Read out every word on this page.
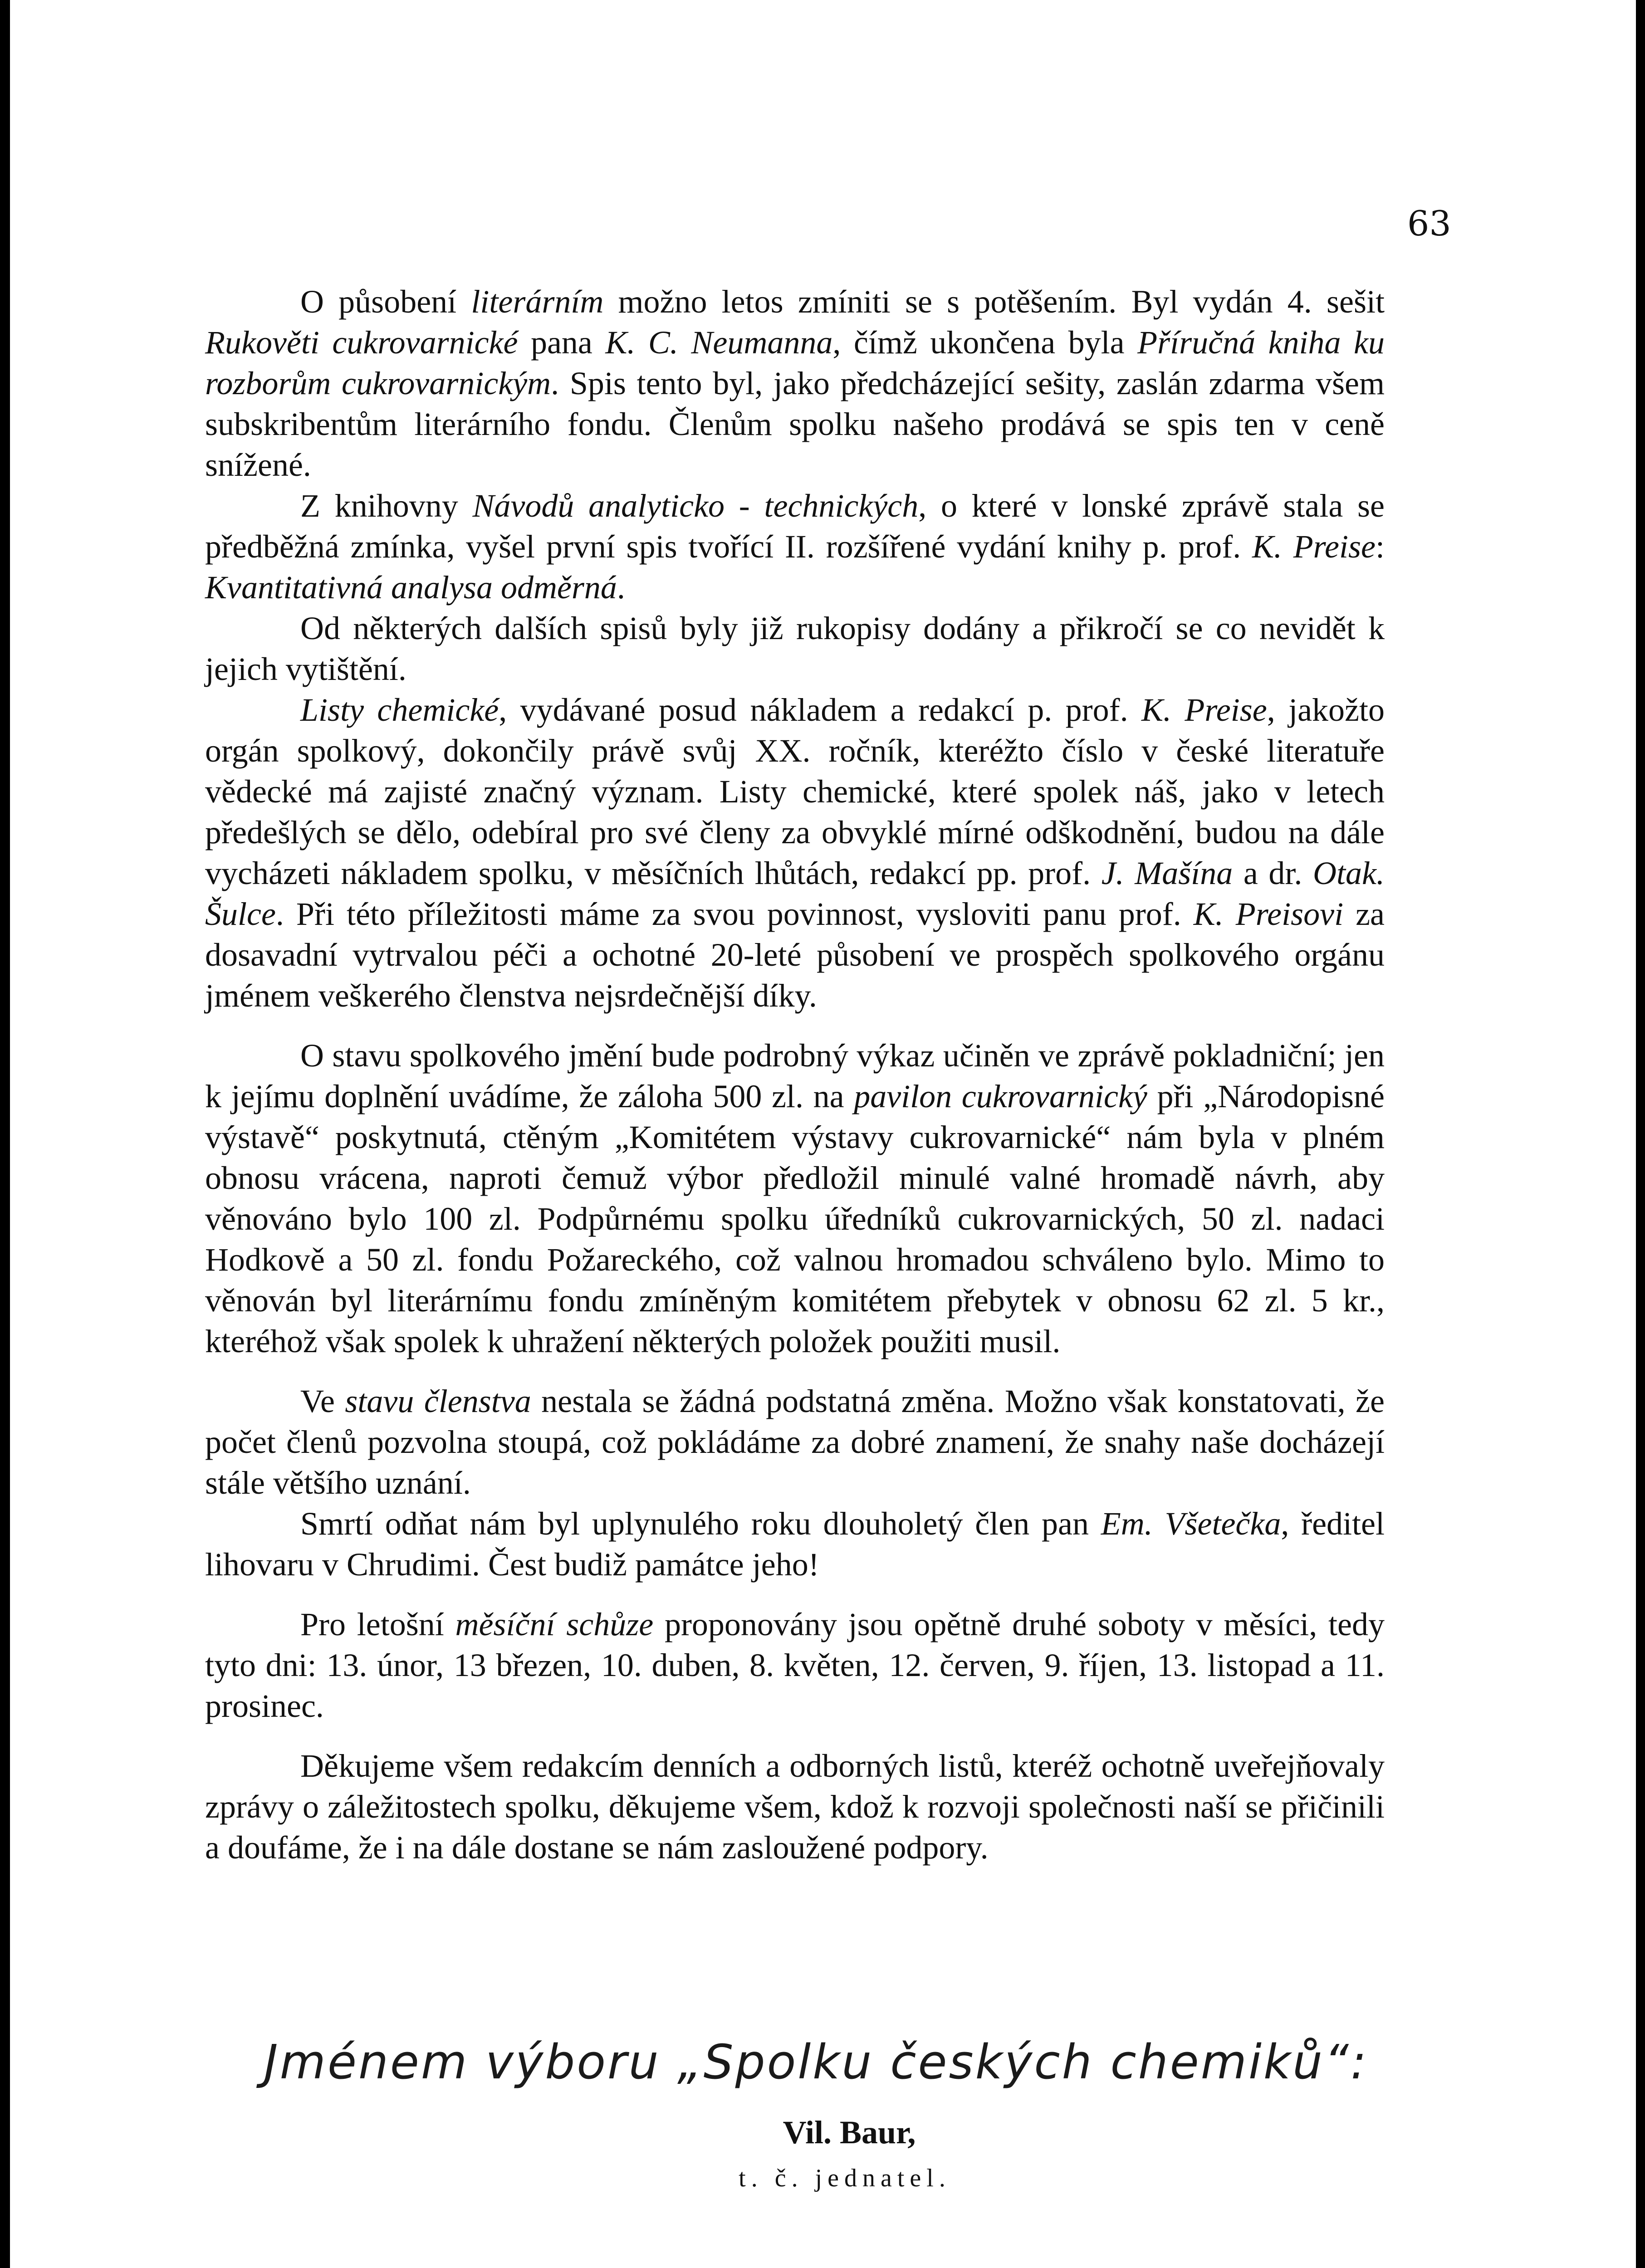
63

O působení literárním možno letos zmíniti se s potěšením. Byl vydán 4. sešit Rukověti cukrovarnické pana K. C. Neumanna, čímž ukončena byla Příručná kniha ku rozborům cukrovarnickým. Spis tento byl, jako předcházející sešity, zaslán zdarma všem subskribentům literárního fondu. Členům spolku našeho prodává se spis ten v ceně snížené.

Z knihovny Návodů analyticko - technických, o které v lonské zprávě stala se předběžná zmínka, vyšel první spis tvořící II. rozšířené vydání knihy p. prof. K. Preise: Kvantitativná analysa odměrná.

Od některých dalších spisů byly již rukopisy dodány a přikročí se co nevidět k jejich vytištění.

Listy chemické, vydávané posud nákladem a redakcí p. prof. K. Preise, jakožto orgán spolkový, dokončily právě svůj XX. ročník, kteréžto číslo v české literatuře vědecké má zajisté značný význam. Listy chemické, které spolek náš, jako v letech předešlých se dělo, odebíral pro své členy za obvyklé mírné odškodnění, budou na dále vycházeti nákladem spolku, v měsíčních lhůtách, redakcí pp. prof. J. Mašína a dr. Otak. Šulce. Při této příležitosti máme za svou povinnost, vysloviti panu prof. K. Preisovi za dosavadní vytrvalou péči a ochotné 20-leté působení ve prospěch spolkového orgánu jménem veškerého členstva nejsrdečnější díky.

O stavu spolkového jmění bude podrobný výkaz učiněn ve zprávě pokladniční; jen k jejímu doplnění uvádíme, že záloha 500 zl. na pavilon cukrovarnický při „Národopisné výstavě“ poskytnutá, ctěným „Komitétem výstavy cukrovarnické“ nám byla v plném obnosu vrácena, naproti čemuž výbor předložil minulé valné hromadě návrh, aby věnováno bylo 100 zl. Podpůrnému spolku úředníků cukrovarnických, 50 zl. nadaci Hodkově a 50 zl. fondu Požareckého, což valnou hromadou schváleno bylo. Mimo to věnován byl literárnímu fondu zmíněným komitétem přebytek v obnosu 62 zl. 5 kr., kteréhož však spolek k uhražení některých položek použiti musil.

Ve stavu členstva nestala se žádná podstatná změna. Možno však konstatovati, že počet členů pozvolna stoupá, což pokládáme za dobré znamení, že snahy naše docházejí stále většího uznání.

Smrtí odňat nám byl uplynulého roku dlouholetý člen pan Em. Všetečka, ředitel lihovaru v Chrudimi. Čest budiž památce jeho!

Pro letošní měsíční schůze proponovány jsou opětně druhé soboty v měsíci, tedy tyto dni: 13. únor, 13 březen, 10. duben, 8. květen, 12. červen, 9. říjen, 13. listopad a 11. prosinec.

Děkujeme všem redakcím denních a odborných listů, kteréž ochotně uveřejňovaly zprávy o záležitostech spolku, děkujeme všem, kdož k rozvoji společnosti naší se přičinili a doufáme, že i na dále dostane se nám zasloužené podpory.

Jménem výboru „Spolku českých chemiků“:
Vil. Baur,
t. č. jednatel.
